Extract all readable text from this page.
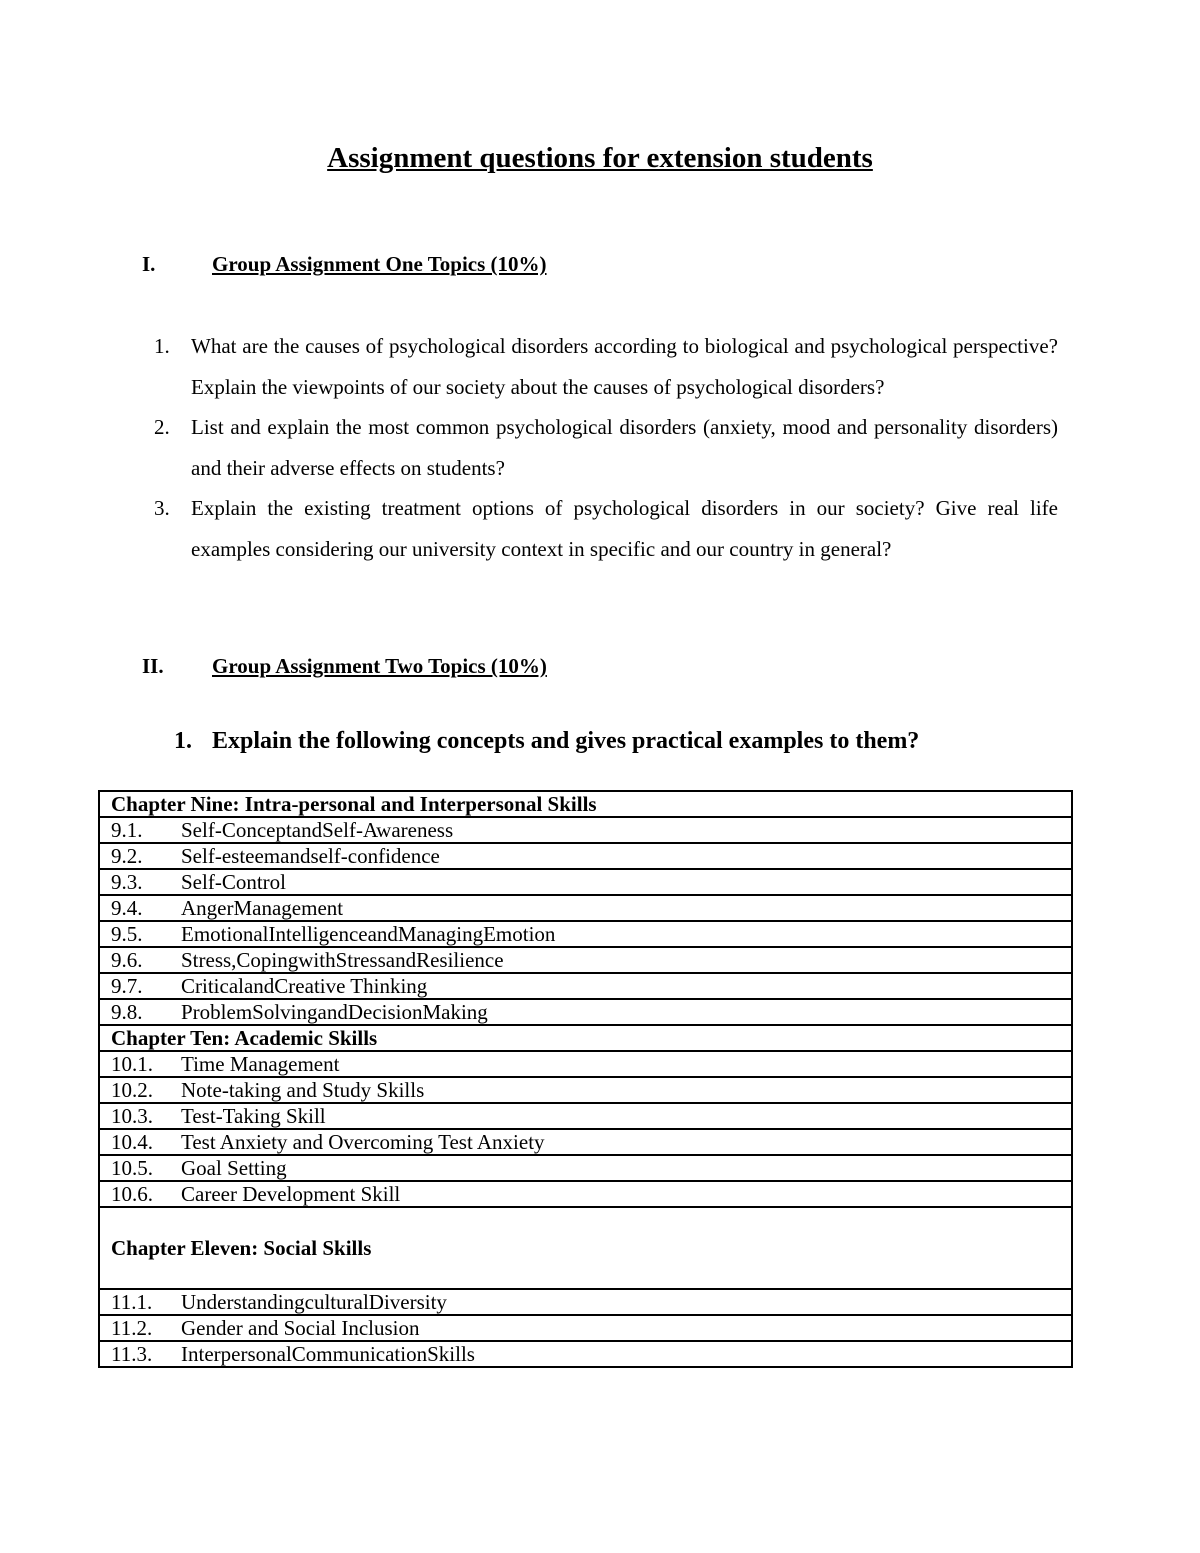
Assignment questions for extension students
I.	Group Assignment One Topics (10%)
1.	What are the causes of psychological disorders according to biological and psychological perspective? Explain the viewpoints of our society about the causes of psychological disorders?
2.	List and explain the most common psychological disorders (anxiety, mood and personality disorders) and their adverse effects on students?
3.	Explain the existing treatment options of psychological disorders in our society? Give real life examples considering our university context in specific and our country in general?
II. Group Assignment Two Topics (10%)
1. Explain the following concepts and gives practical examples to them?
Chapter Nine: Intra-personal and Interpersonal Skills
9.1. Self-ConceptandSelf-Awareness
9.2. Self-esteemandself-confidence
9.3. Self-Control
9.4. AngerManagement
9.5. EmotionalIntelligenceandManagingEmotion
9.6. Stress,CopingwithStressandResilience
9.7. CriticalandCreative Thinking
9.8. ProblemSolvingandDecisionMaking
Chapter Ten: Academic Skills
10.1. Time Management
10.2. Note-taking and Study Skills
10.3. Test-Taking Skill
10.4. Test Anxiety and Overcoming Test Anxiety
10.5. Goal Setting
10.6. Career Development Skill
Chapter Eleven: Social Skills
11.1. UnderstandingculturalDiversity
11.2. Gender and Social Inclusion
11.3. InterpersonalCommunicationSkills
